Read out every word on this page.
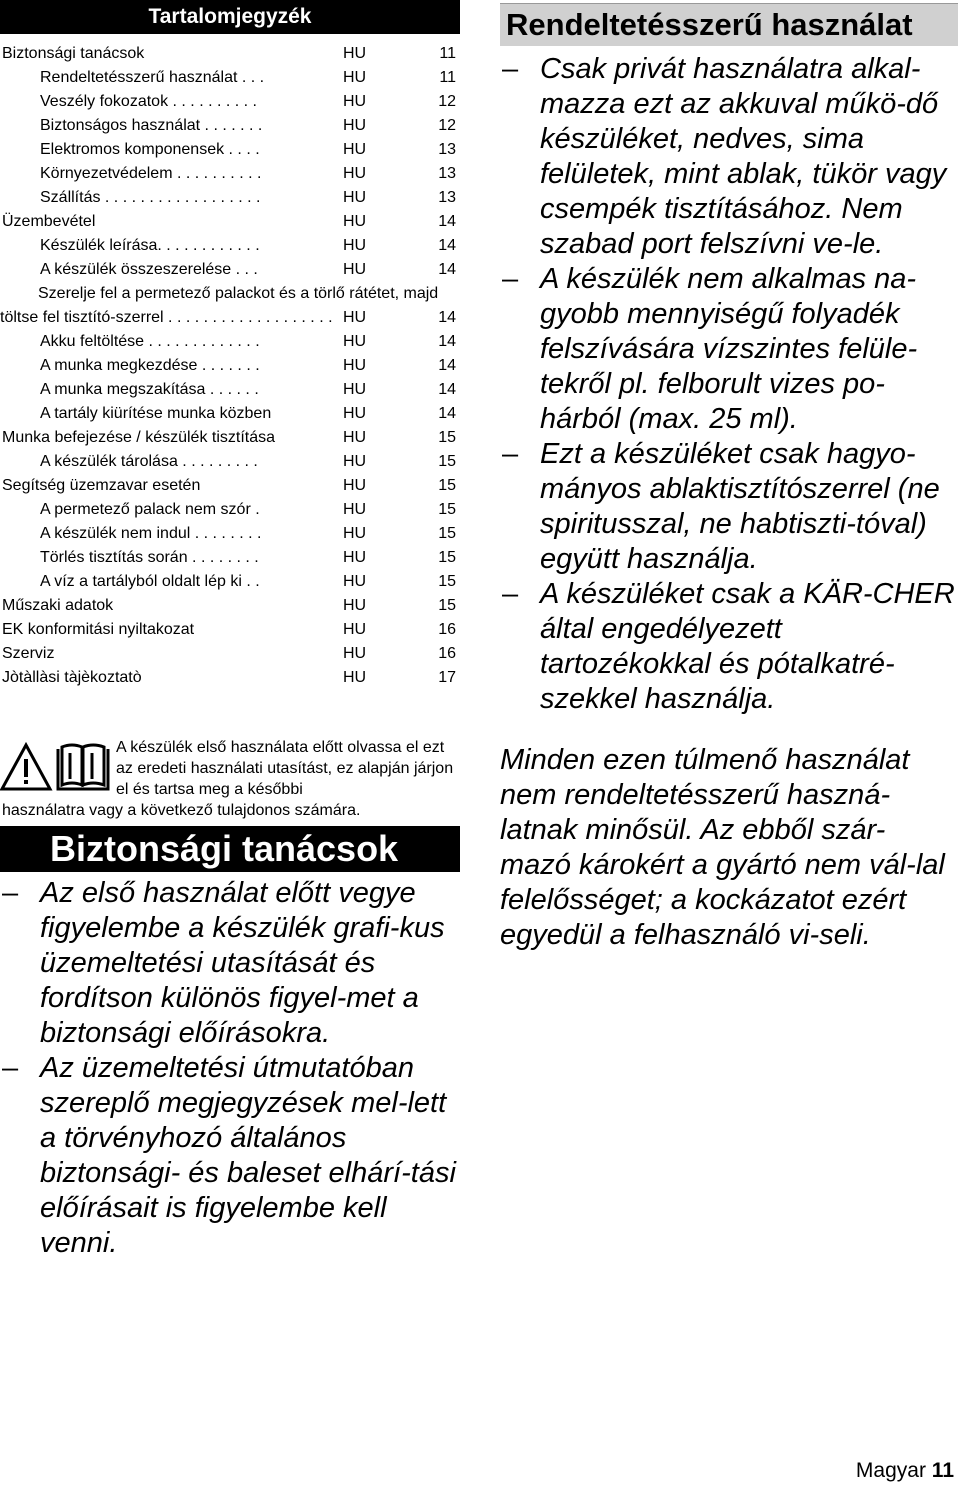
Tartalomjegyzék
Biztonsági tanácsok	HU	11
Rendeltetésszerű használat . . .	HU	11
Veszély fokozatok . . . . . . . . . .	HU	12
Biztonságos használat . . . . . . .	HU	12
Elektromos komponensek . . . .	HU	13
Környezetvédelem . . . . . . . . . .	HU	13
Szállítás . . . . . . . . . . . . . . . . . .	HU	13
Üzembevétel	HU	14
Készülék leírása. . . . . . . . . . . .	HU	14
A készülék összeszerelése . . .	HU	14
Szerelje fel a permetező palackot és a törlő rátétet, majd töltse fel tisztító-szerrel . . . . . . . . . . . . . . . . . . . HU	14
Akku feltöltése . . . . . . . . . . . . .	HU	14
A munka megkezdése . . . . . . .	HU	14
A munka megszakítása . . . . . .	HU	14
A tartály kiürítése munka közben	HU	14
Munka befejezése / készülék tisztítása	HU	15
A készülék tárolása . . . . . . . . .	HU	15
Segítség üzemzavar esetén	HU	15
A permetező palack nem szór .	HU	15
A készülék nem indul . . . . . . . .	HU	15
Törlés tisztítás során . . . . . . . .	HU	15
A víz a tartályból oldalt lép ki . .	HU	15
Műszaki adatok	HU	15
EK konformitási nyiltakozat	HU	16
Szerviz	HU	16
Jòtàllàsi tàjèkoztatò	HU	17
A készülék első használata előtt olvassa el ezt az eredeti használati utasítást, ez alapján járjon el és tartsa meg a későbbi
használatra vagy a következő tulajdonos számára.
Biztonsági tanácsok
– Az első használat előtt vegye figyelembe a készülék grafi-kus üzemeltetési utasítását és fordítson különös figyel-met a biztonsági előírásokra.
– Az üzemeltetési útmutatóban szereplő megjegyzések mel-lett a törvényhozó általános biztonsági- és baleset elhárí-tási előírásait is figyelembe kell venni.
Rendeltetésszerű használat
– Csak privát használatra alkal-mazza ezt az akkuval műkö-dő készüléket, nedves, sima felületek, mint ablak, tükör vagy csempék tisztításához. Nem szabad port felszívni ve-le.
– A készülék nem alkalmas na-gyobb mennyiségű folyadék felszívására vízszintes felüle-tekről pl. felborult vizes po-hárból (max. 25 ml).
– Ezt a készüléket csak hagyo-mányos ablaktisztítószerrel (ne spiritusszal, ne habtiszti-tóval) együtt használja.
– A készüléket csak a KÄR-CHER által engedélyezett tartozékokkal és pótalkatré-szekkel használja.
Minden ezen túlmenő használat nem rendeltetésszerű haszná-latnak minősül. Az ebből szár-mazó károkért a gyártó nem vál-lal felelősséget; a kockázatot ezért egyedül a felhasználó vi-seli.
Magyar 11
